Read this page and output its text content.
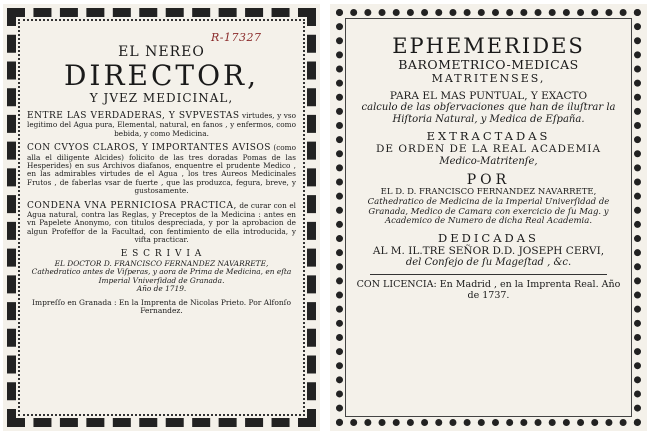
R-17327
EL NEREO
DIRECTOR,
Y JVEZ MEDICINAL,
ENTRE LAS VERDADERAS, Y SVPVESTAS virtudes, y vso legitimo del Agua pura, Elemental, natural, en fanos , y enfermos, como bebida, y como Medicina.
CON CVYOS CLAROS, Y IMPORTANTES AVISOS (como alla el diligente Alcides) folicito de las tres doradas Pomas de las Hesperides) en sus Archivos diafanos, enquentre el prudente Medico , en las admirables virtudes de el Agua , los tres Aureos Medicinales Frutos , de faberlas vsar de fuerte , que las produzca, fegura, breve, y gustosamente.
CONDENA VNA PERNICIOSA PRACTICA, de curar con el Agua natural, contra las Reglas, y Preceptos de la Medicina : antes en vn Papelete Anonymo, con titulos despreciada, y por la aprobacion de algun Profeffor de la Facultad, con fentimiento de ella introducida, y vifta practicar.
E S C R I V I A
EL DOCTOR D. FRANCISCO FERNANDEZ NAVARRETE,
Cathedratico antes de Viſperas, y aora de Prima de Medicina, en eſta Imperial Vniverſidad de Granada.
Año de 1719.
Impreſſo en Granada : En la Imprenta de Nicolas Prieto. Por Alfonſo Fernandez.
EPHEMERIDES
BAROMETRICO-MEDICAS
MATRITENSES,
PARA EL MAS PUNTUAL, Y EXACTO
calculo de las obſervaciones que han de iluſtrar la Hiſtoria Natural, y Medica de Eſpaña.
EXTRACTADAS
DE ORDEN DE LA REAL ACADEMIA
Medico-Matritenſe,
POR
EL D. D. FRANCISCO FERNANDEZ NAVARRETE,
Cathedratico de Medicina de la Imperial Univerſidad de Granada, Medico de Camara con exercicio de ſu Mag. y Academico de Numero de dicha Real Academia.
DEDICADAS
AL M. IL.TRE SEÑOR D.D. JOSEPH CERVI,
del Conſejo de ſu Mageſtad , &c.
CON LICENCIA: En Madrid , en la Imprenta Real. Año de 1737.
